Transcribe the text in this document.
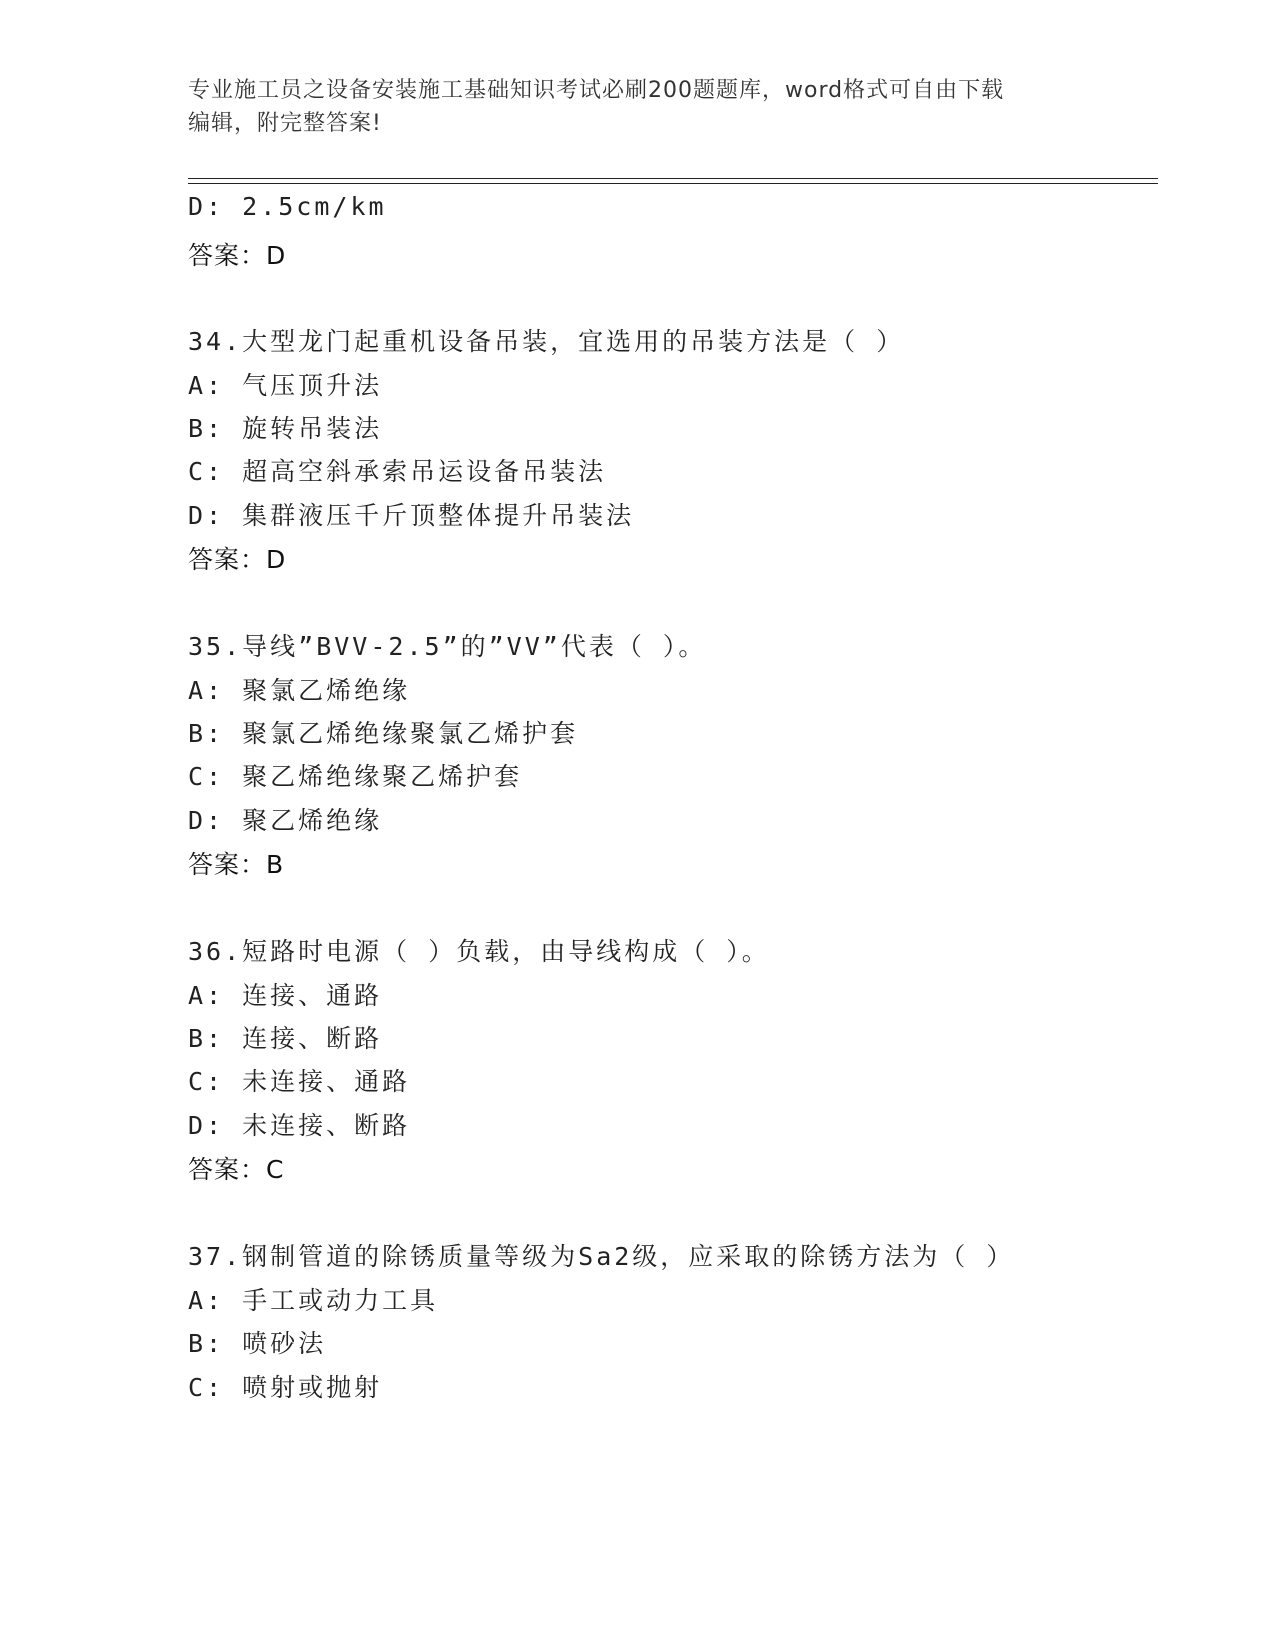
专业施工员之设备安装施工基础知识考试必刷200题题库，word格式可自由下载
编辑，附完整答案!
D: 2.5cm/km
答案：D
34.大型龙门起重机设备吊装，宜选用的吊装方法是（ ）
A: 气压顶升法
B: 旋转吊装法
C: 超高空斜承索吊运设备吊装法
D: 集群液压千斤顶整体提升吊装法
答案：D
35.导线”BVV-2.5”的”VV”代表（ ）。
A: 聚氯乙烯绝缘
B: 聚氯乙烯绝缘聚氯乙烯护套
C: 聚乙烯绝缘聚乙烯护套
D: 聚乙烯绝缘
答案：B
36.短路时电源（ ）负载，由导线构成（ ）。
A: 连接、通路
B: 连接、断路
C: 未连接、通路
D: 未连接、断路
答案：C
37.钢制管道的除锈质量等级为Sa2级，应采取的除锈方法为（ ）
A: 手工或动力工具
B: 喷砂法
C: 喷射或抛射
